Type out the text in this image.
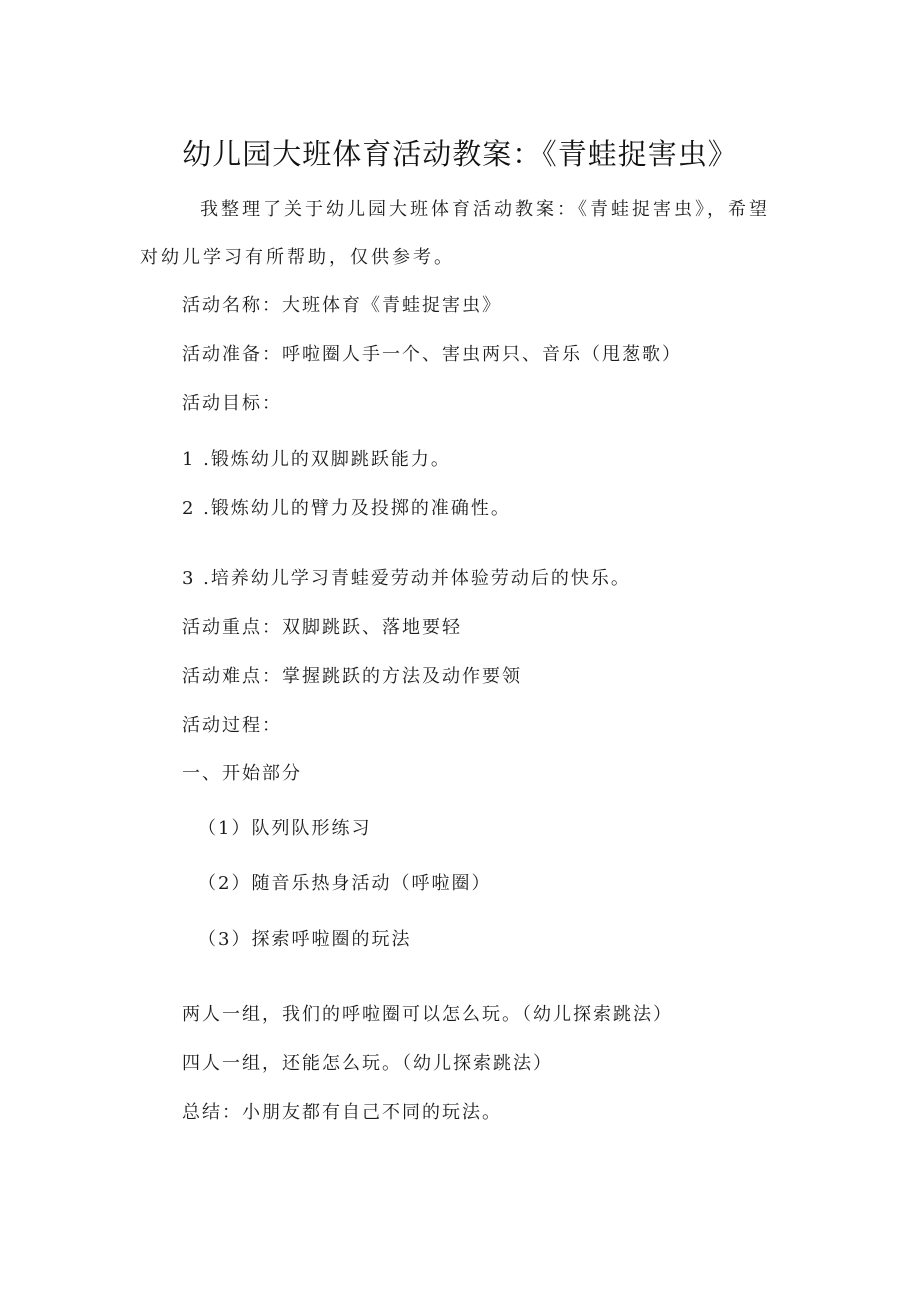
幼儿园大班体育活动教案：《青蛙捉害虫》
我整理了关于幼儿园大班体育活动教案：《青蛙捉害虫》，希望
对幼儿学习有所帮助，仅供参考。
活动名称：大班体育《青蛙捉害虫》
活动准备：呼啦圈人手一个、害虫两只、音乐（甩葱歌）
活动目标：
1 .锻炼幼儿的双脚跳跃能力。
2 .锻炼幼儿的臂力及投掷的准确性。
3 .培养幼儿学习青蛙爱劳动并体验劳动后的快乐。
活动重点：双脚跳跃、落地要轻
活动难点：掌握跳跃的方法及动作要领
活动过程：
一、开始部分
（1）队列队形练习
（2）随音乐热身活动（呼啦圈）
（3）探索呼啦圈的玩法
两人一组，我们的呼啦圈可以怎么玩。（幼儿探索跳法）
四人一组，还能怎么玩。（幼儿探索跳法）
总结：小朋友都有自己不同的玩法。
